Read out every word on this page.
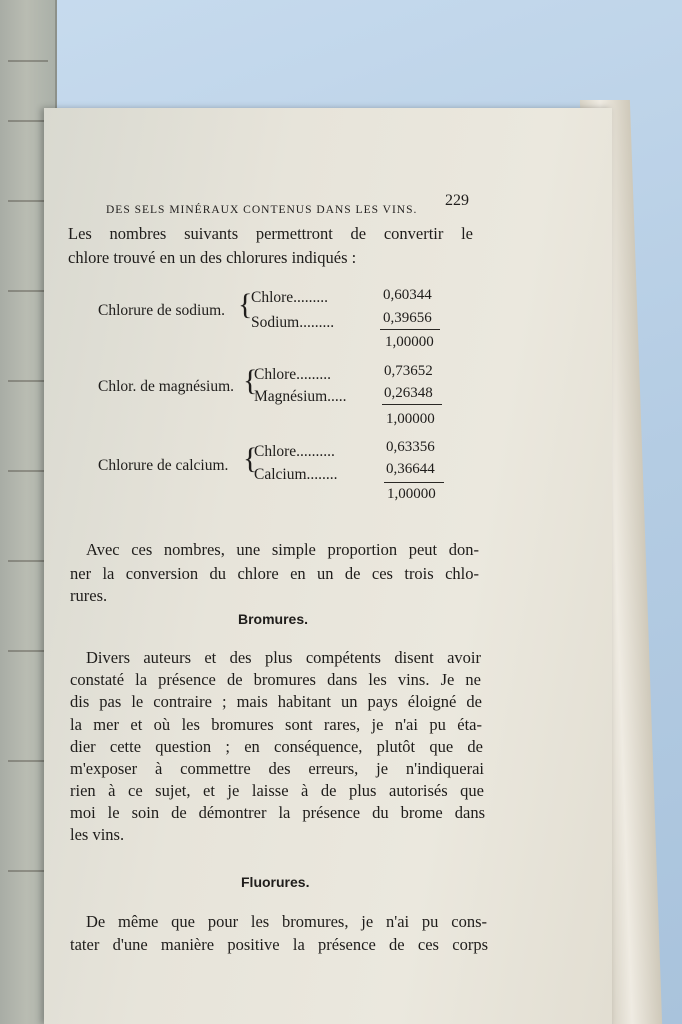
DES SELS MINÉRAUX CONTENUS DANS LES VINS.
229
Les nombres suivants permettront de convertir le
chlore trouvé en un des chlorures indiqués :
Chlorure de sodium. {
Chlore.........	0,60344
Sodium.........	0,39656
1,00000
Chlor. de magnésium. {
Chlore.........	0,73652
Magnésium..... 0,26348
1,00000
Chlorure de calcium. {
Chlore..........	0,63356
Calcium........	0,36644
1,00000
Avec ces nombres, une simple proportion peut don-
ner la conversion du chlore en un de ces trois chlo-
rures.
Bromures.
Divers auteurs et des plus compétents disent avoir
constaté la présence de bromures dans les vins. Je ne
dis pas le contraire ; mais habitant un pays éloigné de
la mer et où les bromures sont rares, je n'ai pu éta-
dier cette question ; en conséquence, plutôt que de
m'exposer à commettre des erreurs, je n'indiquerai
rien à ce sujet, et je laisse à de plus autorisés que
moi le soin de démontrer la présence du brome dans
les vins.
Fluorures.
De même que pour les bromures, je n'ai pu cons-
tater d'une manière positive la présence de ces corps
